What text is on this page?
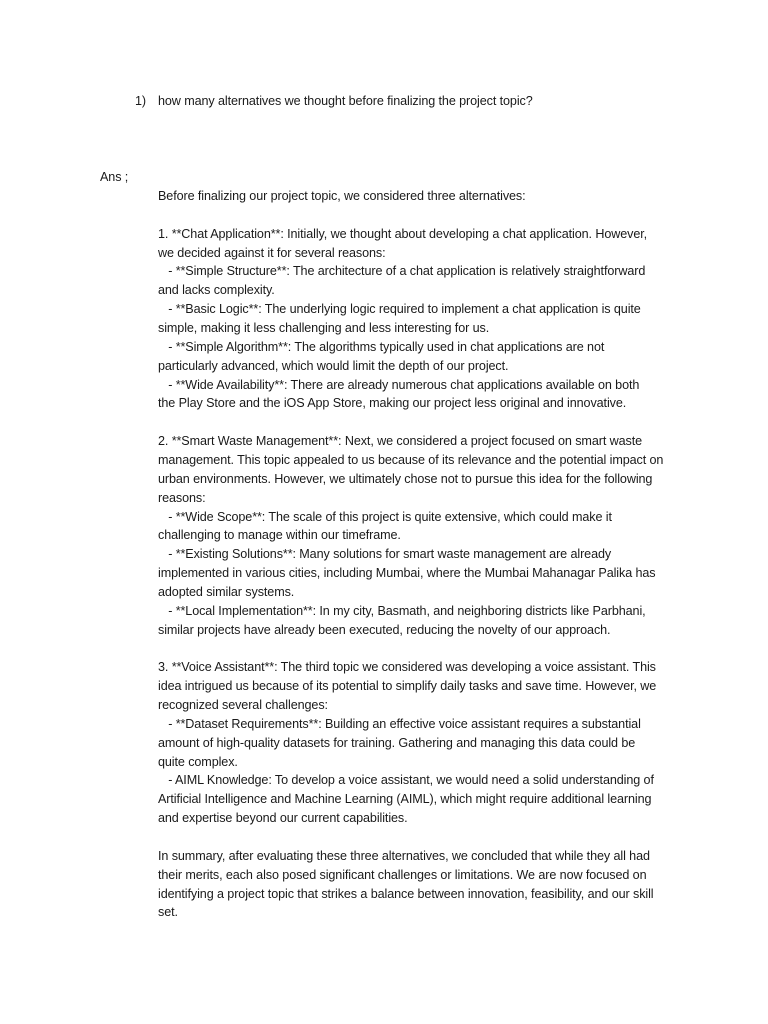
1) how many alternatives we thought before finalizing the project topic?
Ans ;
Before finalizing our project topic, we considered three alternatives:
1. **Chat Application**: Initially, we thought about developing a chat application. However,
we decided against it for several reasons:
- **Simple Structure**: The architecture of a chat application is relatively straightforward
and lacks complexity.
- **Basic Logic**: The underlying logic required to implement a chat application is quite
simple, making it less challenging and less interesting for us.
- **Simple Algorithm**: The algorithms typically used in chat applications are not
particularly advanced, which would limit the depth of our project.
- **Wide Availability**: There are already numerous chat applications available on both
the Play Store and the iOS App Store, making our project less original and innovative.
2. **Smart Waste Management**: Next, we considered a project focused on smart waste
management. This topic appealed to us because of its relevance and the potential impact on
urban environments. However, we ultimately chose not to pursue this idea for the following
reasons:
- **Wide Scope**: The scale of this project is quite extensive, which could make it
challenging to manage within our timeframe.
- **Existing Solutions**: Many solutions for smart waste management are already
implemented in various cities, including Mumbai, where the Mumbai Mahanagar Palika has
adopted similar systems.
- **Local Implementation**: In my city, Basmath, and neighboring districts like Parbhani,
similar projects have already been executed, reducing the novelty of our approach.
3. **Voice Assistant**: The third topic we considered was developing a voice assistant. This
idea intrigued us because of its potential to simplify daily tasks and save time. However, we
recognized several challenges:
- **Dataset Requirements**: Building an effective voice assistant requires a substantial
amount of high-quality datasets for training. Gathering and managing this data could be
quite complex.
- AIML Knowledge: To develop a voice assistant, we would need a solid understanding of
Artificial Intelligence and Machine Learning (AIML), which might require additional learning
and expertise beyond our current capabilities.
In summary, after evaluating these three alternatives, we concluded that while they all had
their merits, each also posed significant challenges or limitations. We are now focused on
identifying a project topic that strikes a balance between innovation, feasibility, and our skill
set.
